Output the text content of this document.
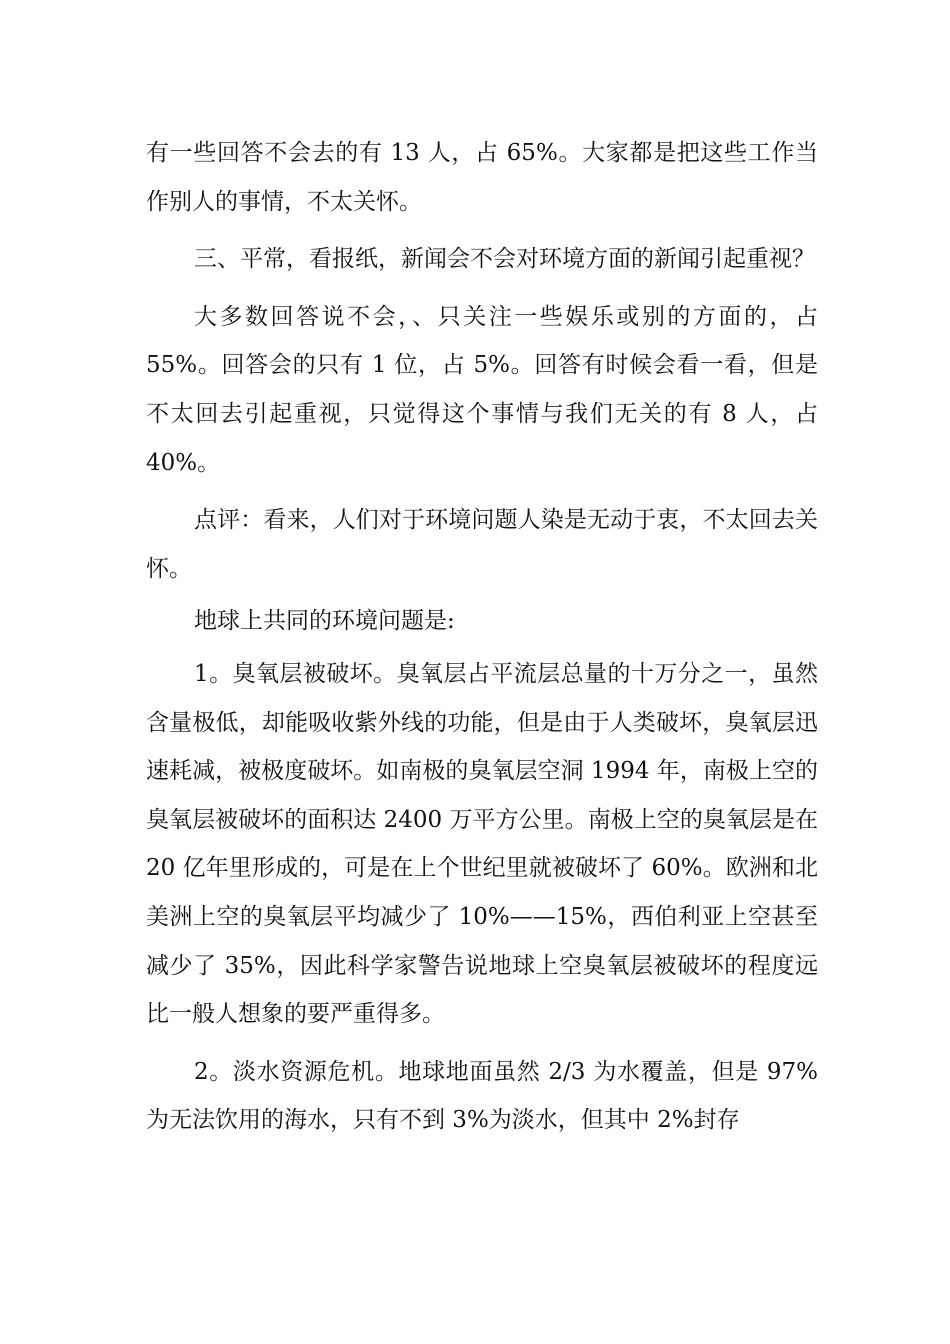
有一些回答不会去的有 13 人，占 65%。大家都是把这些工作当作别人的事情，不太关怀。

三、平常，看报纸，新闻会不会对环境方面的新闻引起重视？

大多数回答说不会，、只关注一些娱乐或别的方面的，占 55%。回答会的只有 1 位，占 5%。回答有时候会看一看，但是不太回去引起重视，只觉得这个事情与我们无关的有 8 人，占 40%。

点评：看来，人们对于环境问题人染是无动于衷，不太回去关怀。

地球上共同的环境问题是:

1。臭氧层被破坏。臭氧层占平流层总量的十万分之一，虽然含量极低，却能吸收紫外线的功能，但是由于人类破坏，臭氧层迅速耗减，被极度破坏。如南极的臭氧层空洞 1994 年，南极上空的臭氧层被破坏的面积达 2400 万平方公里。南极上空的臭氧层是在 20 亿年里形成的，可是在上个世纪里就被破坏了 60%。欧洲和北美洲上空的臭氧层平均减少了 10%——15%，西伯利亚上空甚至减少了 35%，因此科学家警告说地球上空臭氧层被破坏的程度远比一般人想象的要严重得多。

2。淡水资源危机。地球地面虽然 2/3 为水覆盖，但是 97%为无法饮用的海水，只有不到 3%为淡水，但其中 2%封存
